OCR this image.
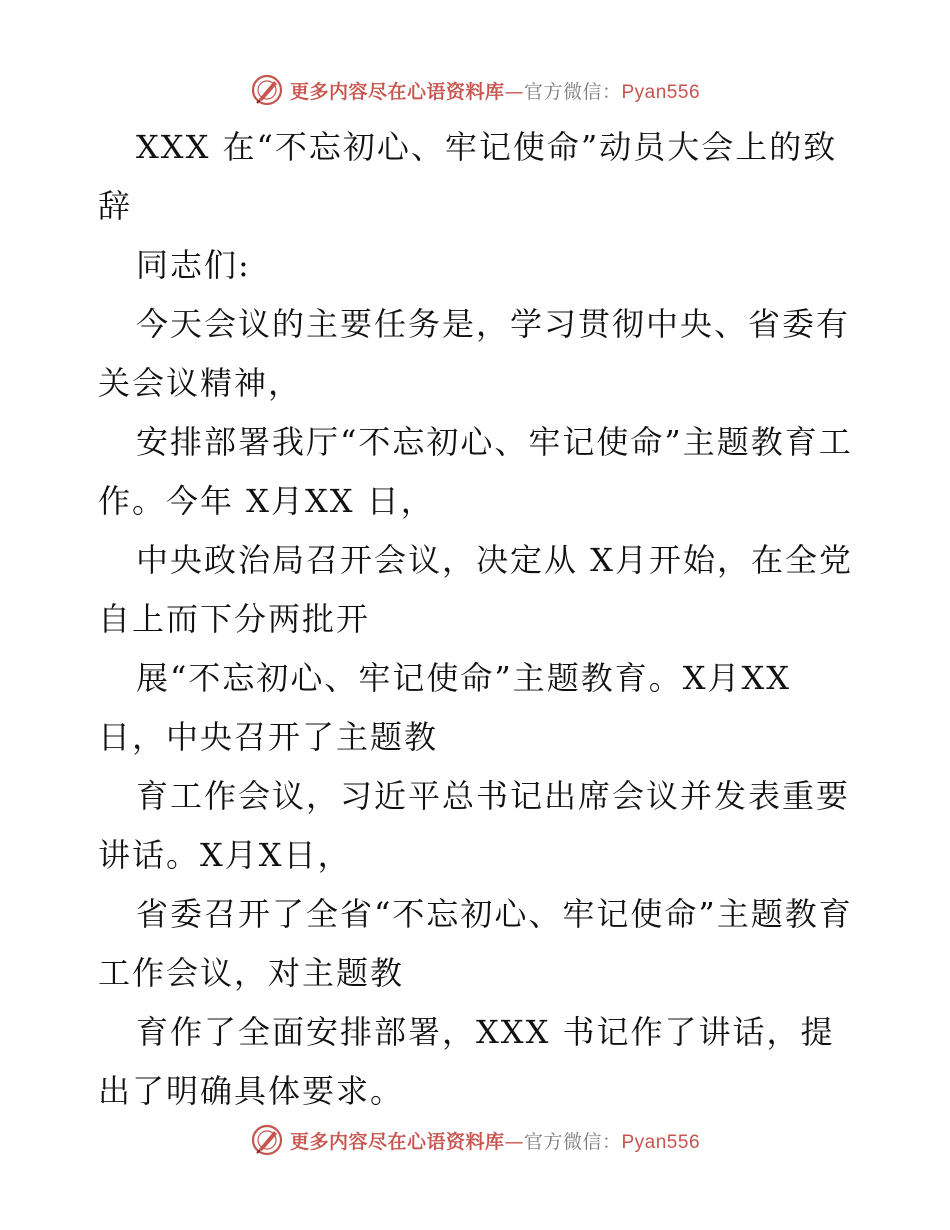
更多内容尽在心语资料库—官方微信：Pyan556

XXX 在“不忘初心、牢记使命”动员大会上的致辞

同志们:

今天会议的主要任务是，学习贯彻中央、省委有关会议精神，

安排部署我厅“不忘初心、牢记使命”主题教育工作。今年 X月XX 日，

中央政治局召开会议，决定从 X月开始，在全党自上而下分两批开

展“不忘初心、牢记使命”主题教育。X月XX 日，中央召开了主题教

育工作会议，习近平总书记出席会议并发表重要讲话。X月X日，

省委召开了全省“不忘初心、牢记使命”主题教育工作会议，对主题教

育作了全面安排部署，XXX 书记作了讲话，提出了明确具体要求。

更多内容尽在心语资料库—官方微信：Pyan556
